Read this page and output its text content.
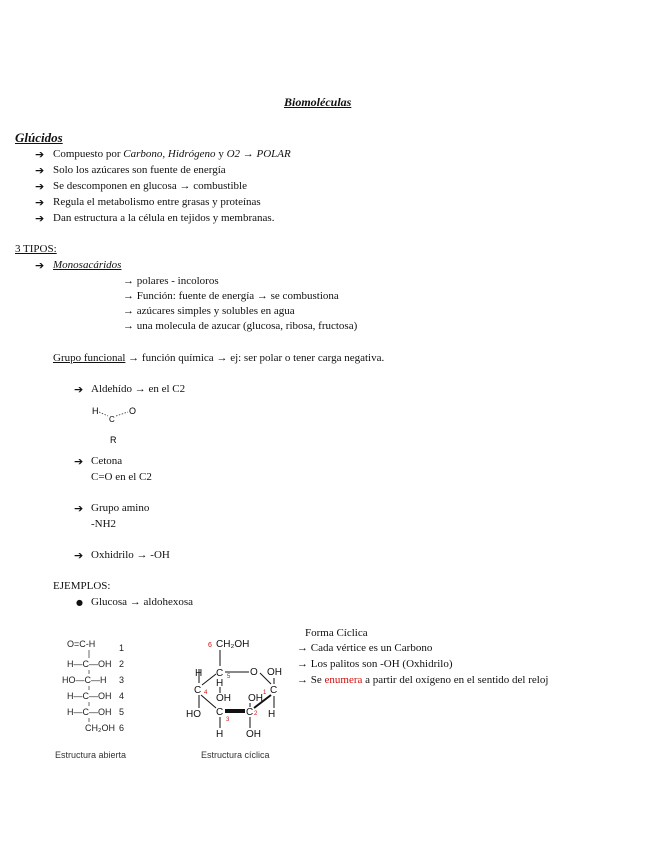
Biomoléculas
Glúcidos
➔ Compuesto por Carbono, Hidrógeno y O2 → POLAR
➔ Solo los azúcares son fuente de energía
➔ Se descomponen en glucosa → combustible
➔ Regula el metabolismo entre grasas y proteínas
➔ Dan estructura a la célula en tejidos y membranas.
3 TIPOS:
➔ Monosacáridos
→ polares - incoloros
→ Función: fuente de energía → se combustiona
→ azúcares simples y solubles en agua
→ una molecula de azucar (glucosa, ribosa, fructosa)
Grupo funcional → función química → ej: ser polar o tener carga negativa.
➔ Aldehído → en el C2
H
C
O
R
➔ Cetona
C=O en el C2
➔ Grupo amino
-NH2
➔ Oxhidrilo → -OH
EJEMPLOS:
● Glucosa → aldohexosa
O=C-H
H—C—OH
HO—C—H
H—C—OH
H—C—OH
CH₂OH
1
2
3
4
5
6
Estructura abierta
6 CH₂OH
C 5 O
H	OH
C 4
H
OH OH
C
1
H
HO C
3
C 2
H OH
Estructura cíclica
Forma Cíclica
→ Cada vértice es un Carbono
→ Los palitos son -OH (Oxhidrilo)
→ Se enumera a partir del oxígeno en el sentido del reloj
